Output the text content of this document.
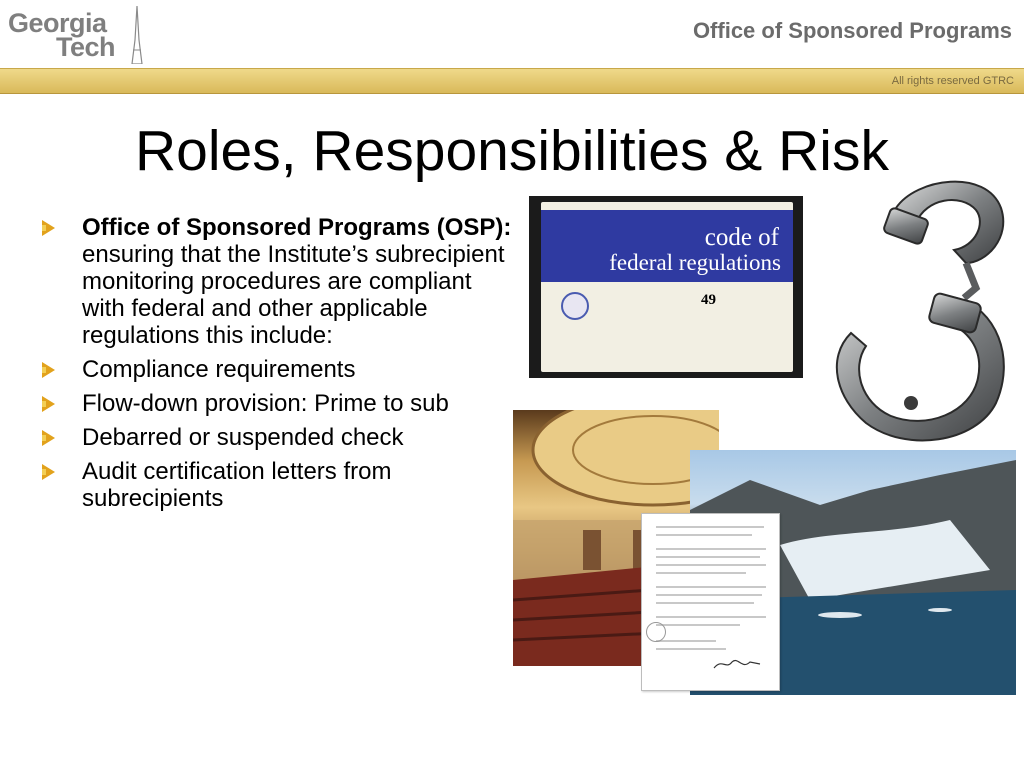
Georgia
Tech
Office of Sponsored Programs
All rights reserved GTRC
Roles, Responsibilities & Risk
Office of Sponsored Programs (OSP):  ensuring that the Institute’s subrecipient monitoring procedures are compliant with federal and other applicable regulations this include:
Compliance requirements
Flow-down provision: Prime to sub
Debarred or suspended check
Audit certification letters from subrecipients
code of
federal regulations
49
